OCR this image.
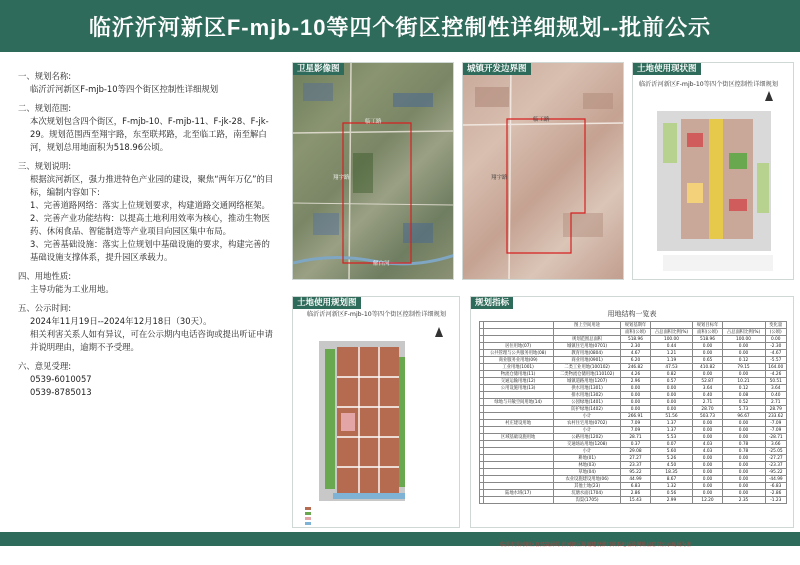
临沂沂河新区F-mjb-10等四个街区控制性详细规划--批前公示
一、规划名称:
临沂沂河新区F-mjb-10等四个街区控制性详细规划
二、规划范围:
本次规划包含四个街区，F-mjb-10、F-mjb-11、F-jk-28、F-jk-29。规划范围西至翔宇路，东至联邦路，北至临工路，南至解白河，规划总用地面积为518.96公顷。
三、规划说明:
根据滨河新区，强力推进特色产业园的建设，聚焦“两年万亿”的目标，编制内容如下:
1、完善道路网络：落实上位规划要求，构建道路交通网络框架。
2、完善产业功能结构：以提高土地利用效率为核心，推动生物医药、休闲食品、智能制造等产业项目向园区集中布局。
3、完善基础设施：落实上位规划中基础设施的要求，构建完善的基础设施支撑体系，提升园区承载力。
四、用地性质:
主导功能为工业用地。
五、公示时间:
2024年11月19日--2024年12月18日（30天）。
相关利害关系人如有异议，可在公示期内电话咨询或提出听证申请并说明理由，逾期不予受理。
六、意见受理:
0539-6010057
0539-8785013
卫星影像图
临工路
翔宇路
解白河
城镇开发边界图
临工路
翔宇路
土地使用现状图
临沂沂河新区F-mjb-10等四个街区控制性详细规划
土地使用规划图
临沂沂河新区F-mjb-10等四个街区控制性详细规划
规划指标
用地结构一览表
		图上空间用途	规划基期年		规划目标年		变化量
			面积(公顷)	占总面积比例(%)	面积(公顷)	占总面积比例(%)	(公顷)
		规划范围总面积	518.96	100.00	518.96	100.00	0.00
	居住用地(07)	城镇住宅用地(0701)	2.30	0.44	0.00	0.00	-2.30
	公共管理与公共服务用地(08)	教育用地(0804)	4.67	1.21	0.00	0.00	-4.67
	商业服务业用地(09)	商业用地(0901)	6.20	1.19	0.65	0.12	-5.57
	工业用地(1001)	二类工业用地(100102)	246.82	47.53	410.82	79.15	164.00
	物流仓储用地(11)	二类物流仓储用地(110102)	4.26	0.82	0.00	0.00	-4.26
	交通运输用地(12)	城镇道路用地(1207)	2.96	0.57	52.87	10.21	50.51
	公用设施用地(13)	供水用地(1301)	0.00	0.00	3.64	0.12	3.64
		排水用地(1302)	0.00	0.00	0.40	0.08	0.40
	绿地与开敞空间用地(14)	公园绿地(1401)	0.00	0.00	2.71	0.52	2.71
		防护绿地(1402)	0.00	0.00	28.70	5.73	28.79
		小计	266.91	51.56	503.73	96.67	233.62
	村庄建设用地	农村住宅用地(0702)	7.09	1.37	0.00	0.00	-7.09
		小计	7.09	1.37	0.00	0.00	-7.09
	区域基础设施用地	公路用地(1202)	28.71	5.53	0.00	0.00	-28.71
		交通场站用地(1208)	0.37	0.07	4.03	0.78	3.66
		小计	29.08	5.60	4.03	0.78	-25.05
		耕地(01)	27.27	5.26	0.00	0.00	-27.27
		林地(03)	23.37	4.50	0.00	0.00	-23.37
		草地(04)	95.22	18.35	0.00	0.00	-95.22
		农业设施建设用地(06)	44.99	8.67	0.00	0.00	-44.99
		其他土地(23)	6.83	1.32	0.00	0.00	-6.83
	陆地水域(17)	坑塘水面(1704)	2.86	0.56	0.00	0.00	-2.86
		沟渠(1705)	15.43	2.99	12.20	2.35	-1.23
临沂市沂河新区自然资源局 沂河新区规划建设部门联系电话及网址信息以公示现场为准
